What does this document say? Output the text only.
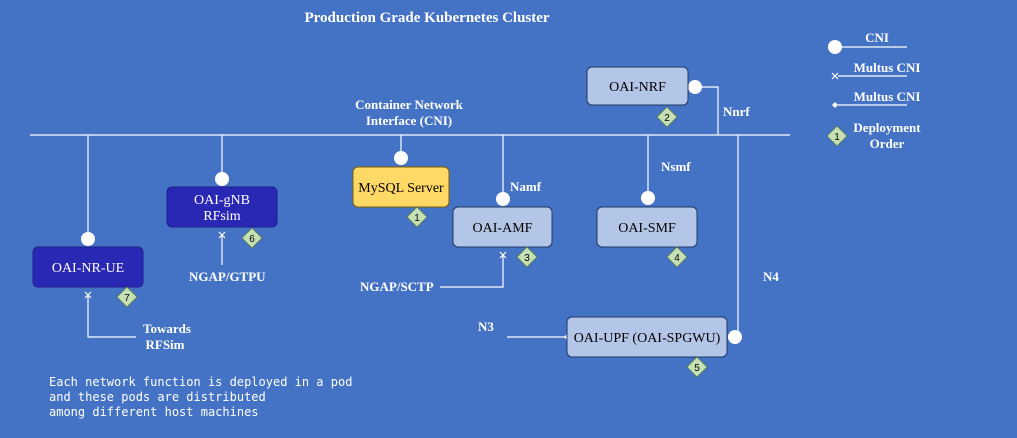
Production Grade Kubernetes Cluster
Container Network
Interface (CNI)
OAI-NRF
OAI-gNB
RFsim
MySQL Server
OAI-AMF	OAI-SMF
OAI-NR-UE
OAI-UPF (OAI-SPGWU)
2
6
1
3	4
7
5
Nnrf
Namf
Nsmf
N4
N3
NGAP/GTPU
NGAP/SCTP
Towards
RFSim
Each network function is deployed in a pod
and these pods are distributed
among different host machines
CNI
Multus CNI
Multus CNI
1
Deployment
Order
